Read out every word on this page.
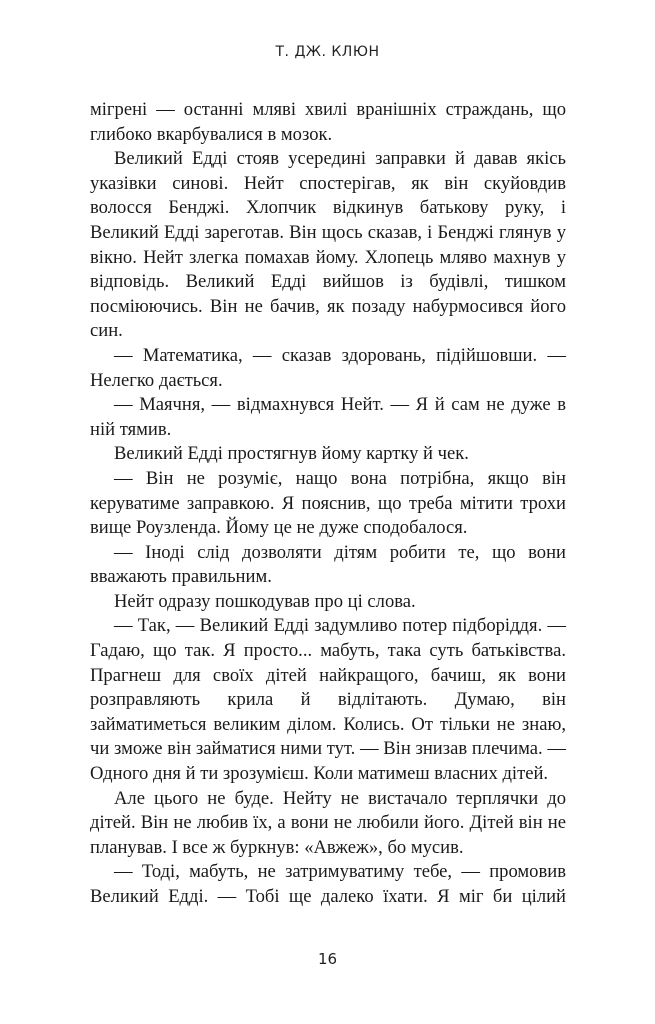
Т. ДЖ. КЛЮН

мігрені — останні мляві хвилі вранішніх страждань, що глибоко вкарбувалися в мозок.

Великий Едді стояв усередині заправки й давав якісь указівки синові. Нейт спостерігав, як він скуйовдив волосся Бенджі. Хлопчик відкинув батькову руку, і Великий Едді зареготав. Він щось сказав, і Бенджі глянув у вікно. Нейт злегка помахав йому. Хлопець мляво махнув у відповідь. Великий Едді вийшов із будівлі, тишком посміюючись. Він не бачив, як позаду набурмосився його син.

— Математика, — сказав здоровань, підійшовши. — Нелегко дається.

— Маячня, — відмахнувся Нейт. — Я й сам не дуже в ній тямив.

Великий Едді простягнув йому картку й чек.

— Він не розуміє, нащо вона потрібна, якщо він керуватиме заправкою. Я пояснив, що треба мітити трохи вище Роузленда. Йому це не дуже сподобалося.

— Іноді слід дозволяти дітям робити те, що вони вважають правильним.

Нейт одразу пошкодував про ці слова.

— Так, — Великий Едді задумливо потер підборіддя. — Гадаю, що так. Я просто... мабуть, така суть батьківства. Прагнеш для своїх дітей найкращого, бачиш, як вони розправляють крила й відлітають. Думаю, він займатиметься великим ділом. Колись. От тільки не знаю, чи зможе він займатися ними тут. — Він знизав плечима. — Одного дня й ти зрозумієш. Коли матимеш власних дітей.

Але цього не буде. Нейту не вистачало терплячки до дітей. Він не любив їх, а вони не любили його. Дітей він не планував. І все ж буркнув: «Авжеж», бо мусив.

— Тоді, мабуть, не затримуватиму тебе, — промовив Великий Едді. — Тобі ще далеко їхати. Я міг би цілий

16
